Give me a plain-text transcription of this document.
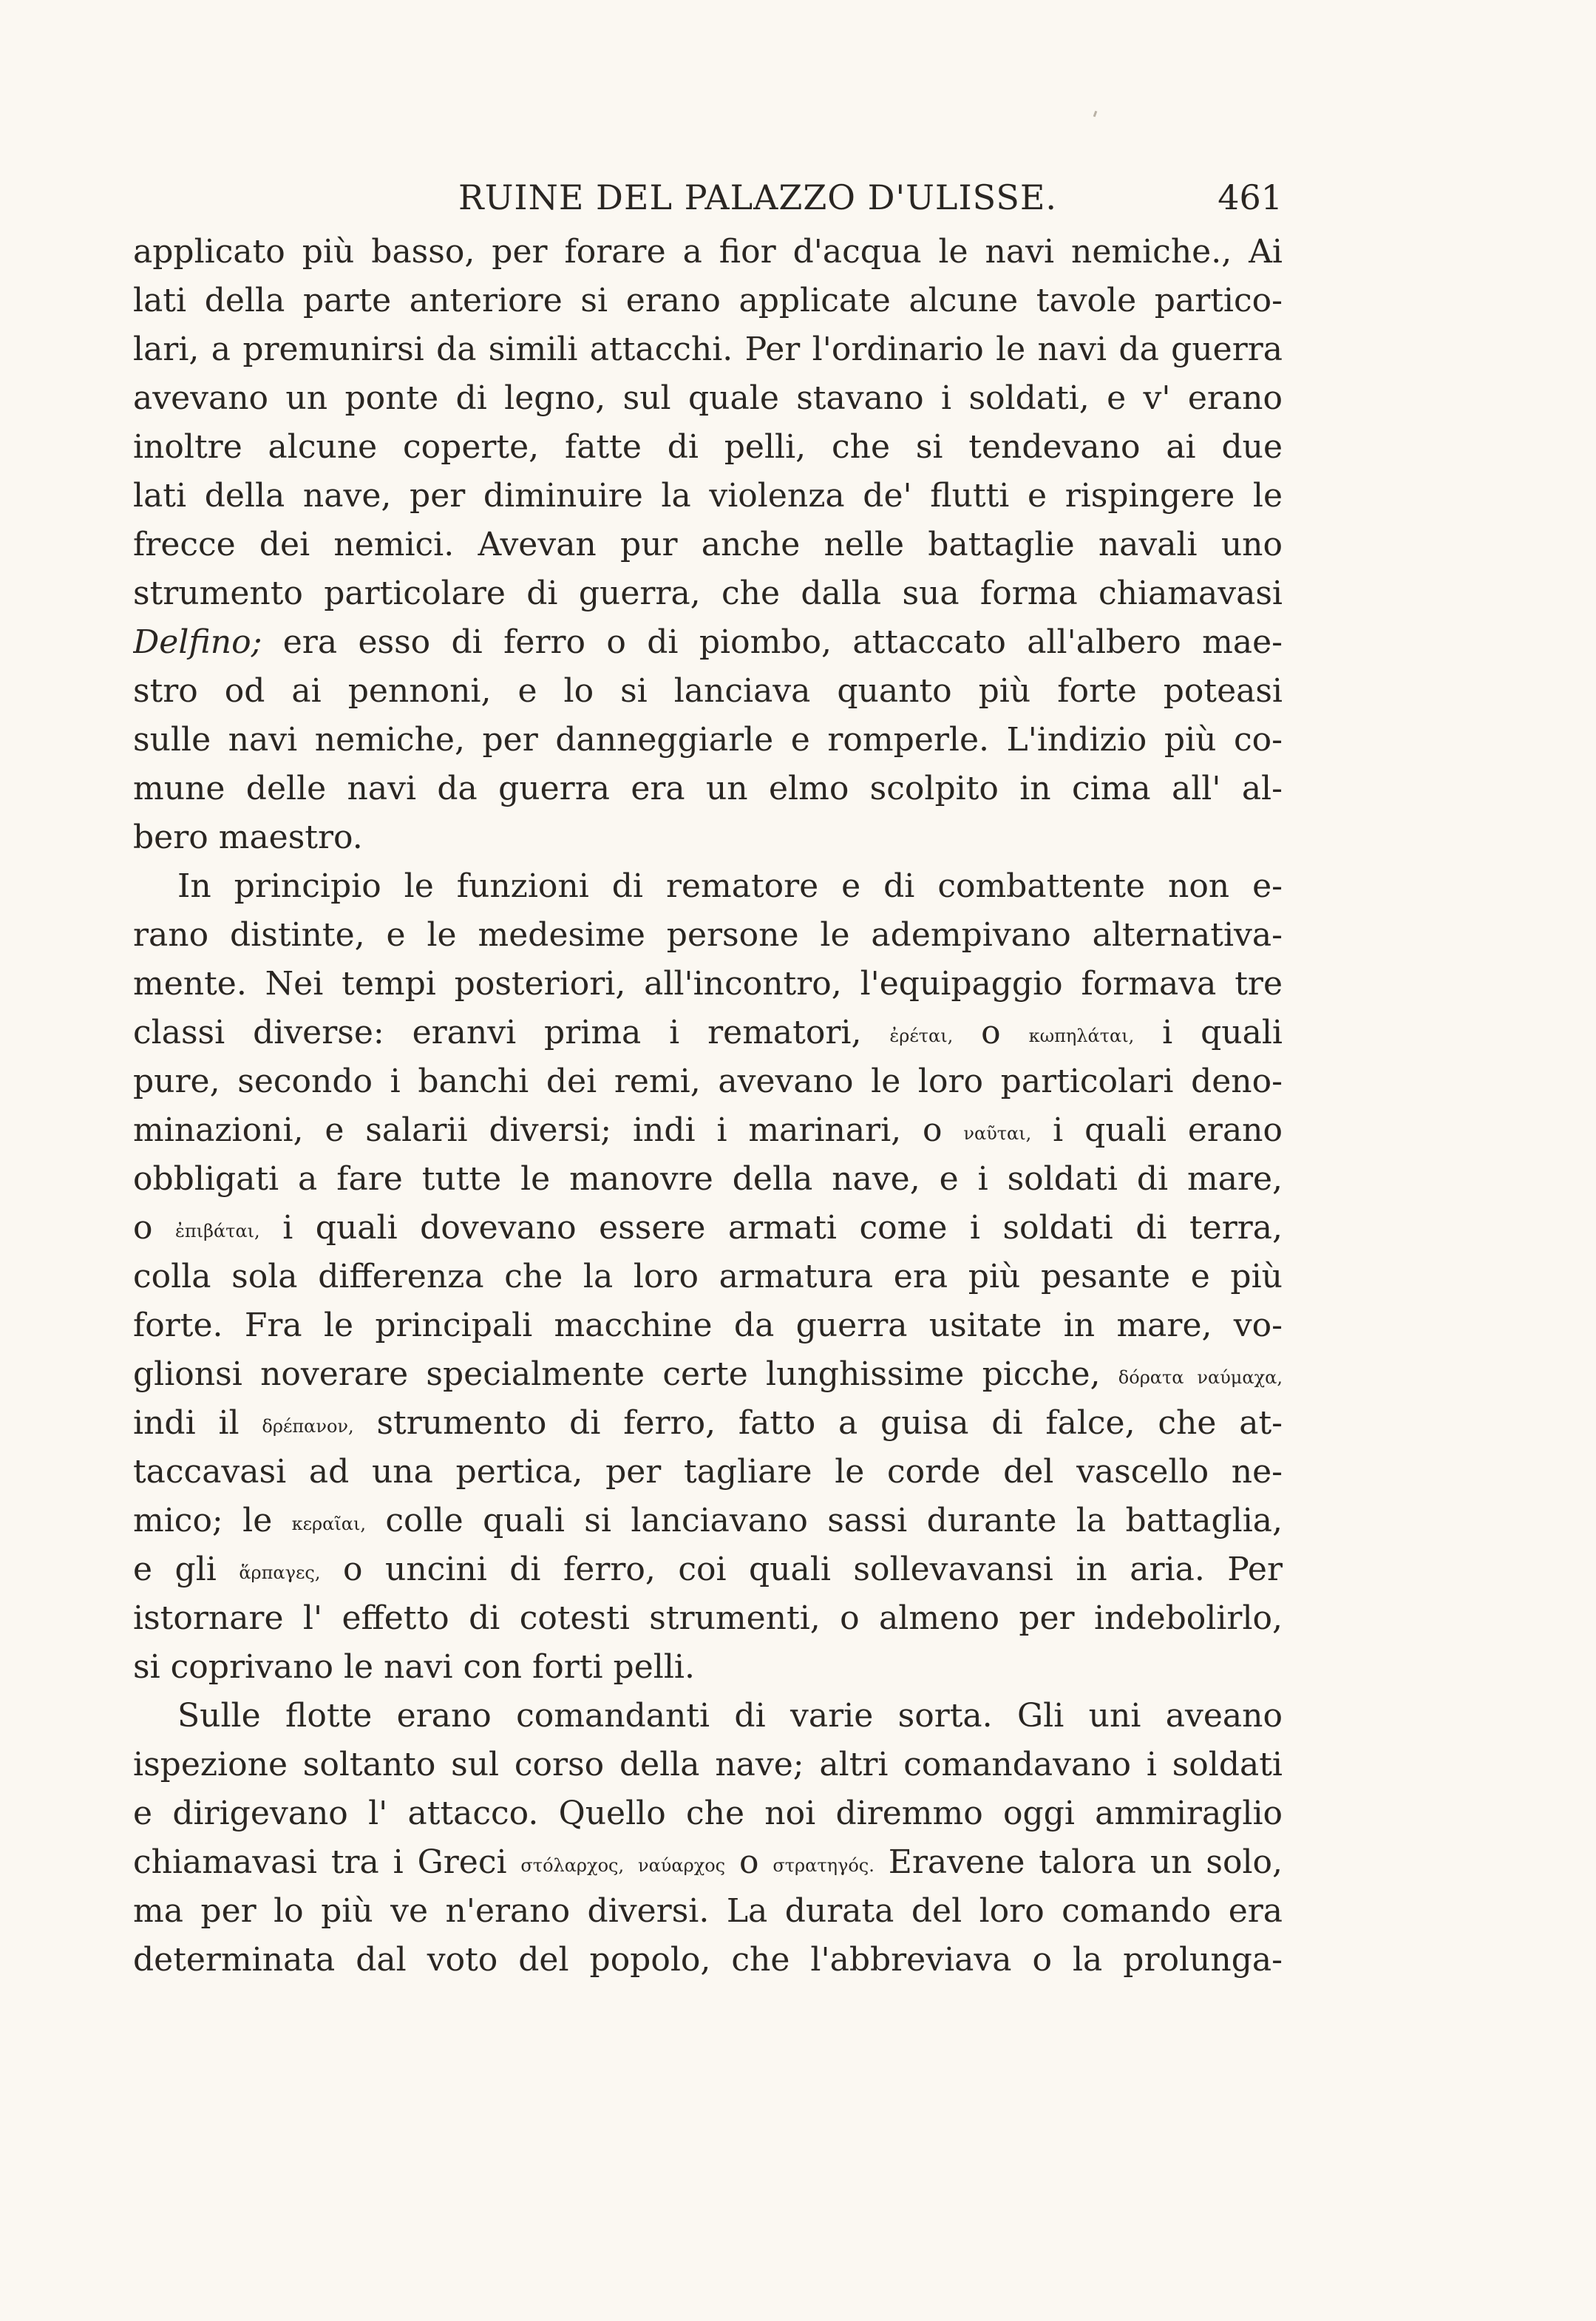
RUINE DEL PALAZZO D'ULISSE.	461
applicato più basso, per forare a fior d'acqua le navi nemiche., Ai
lati della parte anteriore si erano applicate alcune tavole partico-
lari, a premunirsi da simili attacchi. Per l'ordinario le navi da guerra
avevano un ponte di legno, sul quale stavano i soldati, e v' erano
inoltre alcune coperte, fatte di pelli, che si tendevano ai due
lati della nave, per diminuire la violenza de' flutti e rispingere le
frecce dei nemici. Avevan pur anche nelle battaglie navali uno
strumento particolare di guerra, che dalla sua forma chiamavasi
Delfino; era esso di ferro o di piombo, attaccato all'albero mae-
stro od ai pennoni, e lo si lanciava quanto più forte poteasi
sulle navi nemiche, per danneggiarle e romperle. L'indizio più co-
mune delle navi da guerra era un elmo scolpito in cima all' al-
bero maestro.
In principio le funzioni di rematore e di combattente non e-
rano distinte, e le medesime persone le adempivano alternativa-
mente. Nei tempi posteriori, all'incontro, l'equipaggio formava tre
classi diverse: eranvi prima i rematori, ἐρέται, o κωπηλάται, i quali
pure, secondo i banchi dei remi, avevano le loro particolari deno-
minazioni, e salarii diversi; indi i marinari, o ναῦται, i quali erano
obbligati a fare tutte le manovre della nave, e i soldati di mare,
o ἐπιβάται, i quali dovevano essere armati come i soldati di terra,
colla sola differenza che la loro armatura era più pesante e più
forte. Fra le principali macchine da guerra usitate in mare, vo-
glionsi noverare specialmente certe lunghissime picche, δόρατα ναύμαχα,
indi il δρέπανον, strumento di ferro, fatto a guisa di falce, che at-
taccavasi ad una pertica, per tagliare le corde del vascello ne-
mico; le κεραῖαι, colle quali si lanciavano sassi durante la battaglia,
e gli ἅρπαγες, o uncini di ferro, coi quali sollevavansi in aria. Per
istornare l' effetto di cotesti strumenti, o almeno per indebolirlo,
si coprivano le navi con forti pelli.
Sulle flotte erano comandanti di varie sorta. Gli uni aveano
ispezione soltanto sul corso della nave; altri comandavano i soldati
e dirigevano l' attacco. Quello che noi diremmo oggi ammiraglio
chiamavasi tra i Greci στόλαρχος, ναύαρχος o στρατηγός. Eravene talora un solo,
ma per lo più ve n'erano diversi. La durata del loro comando era
determinata dal voto del popolo, che l'abbreviava o la prolunga-
